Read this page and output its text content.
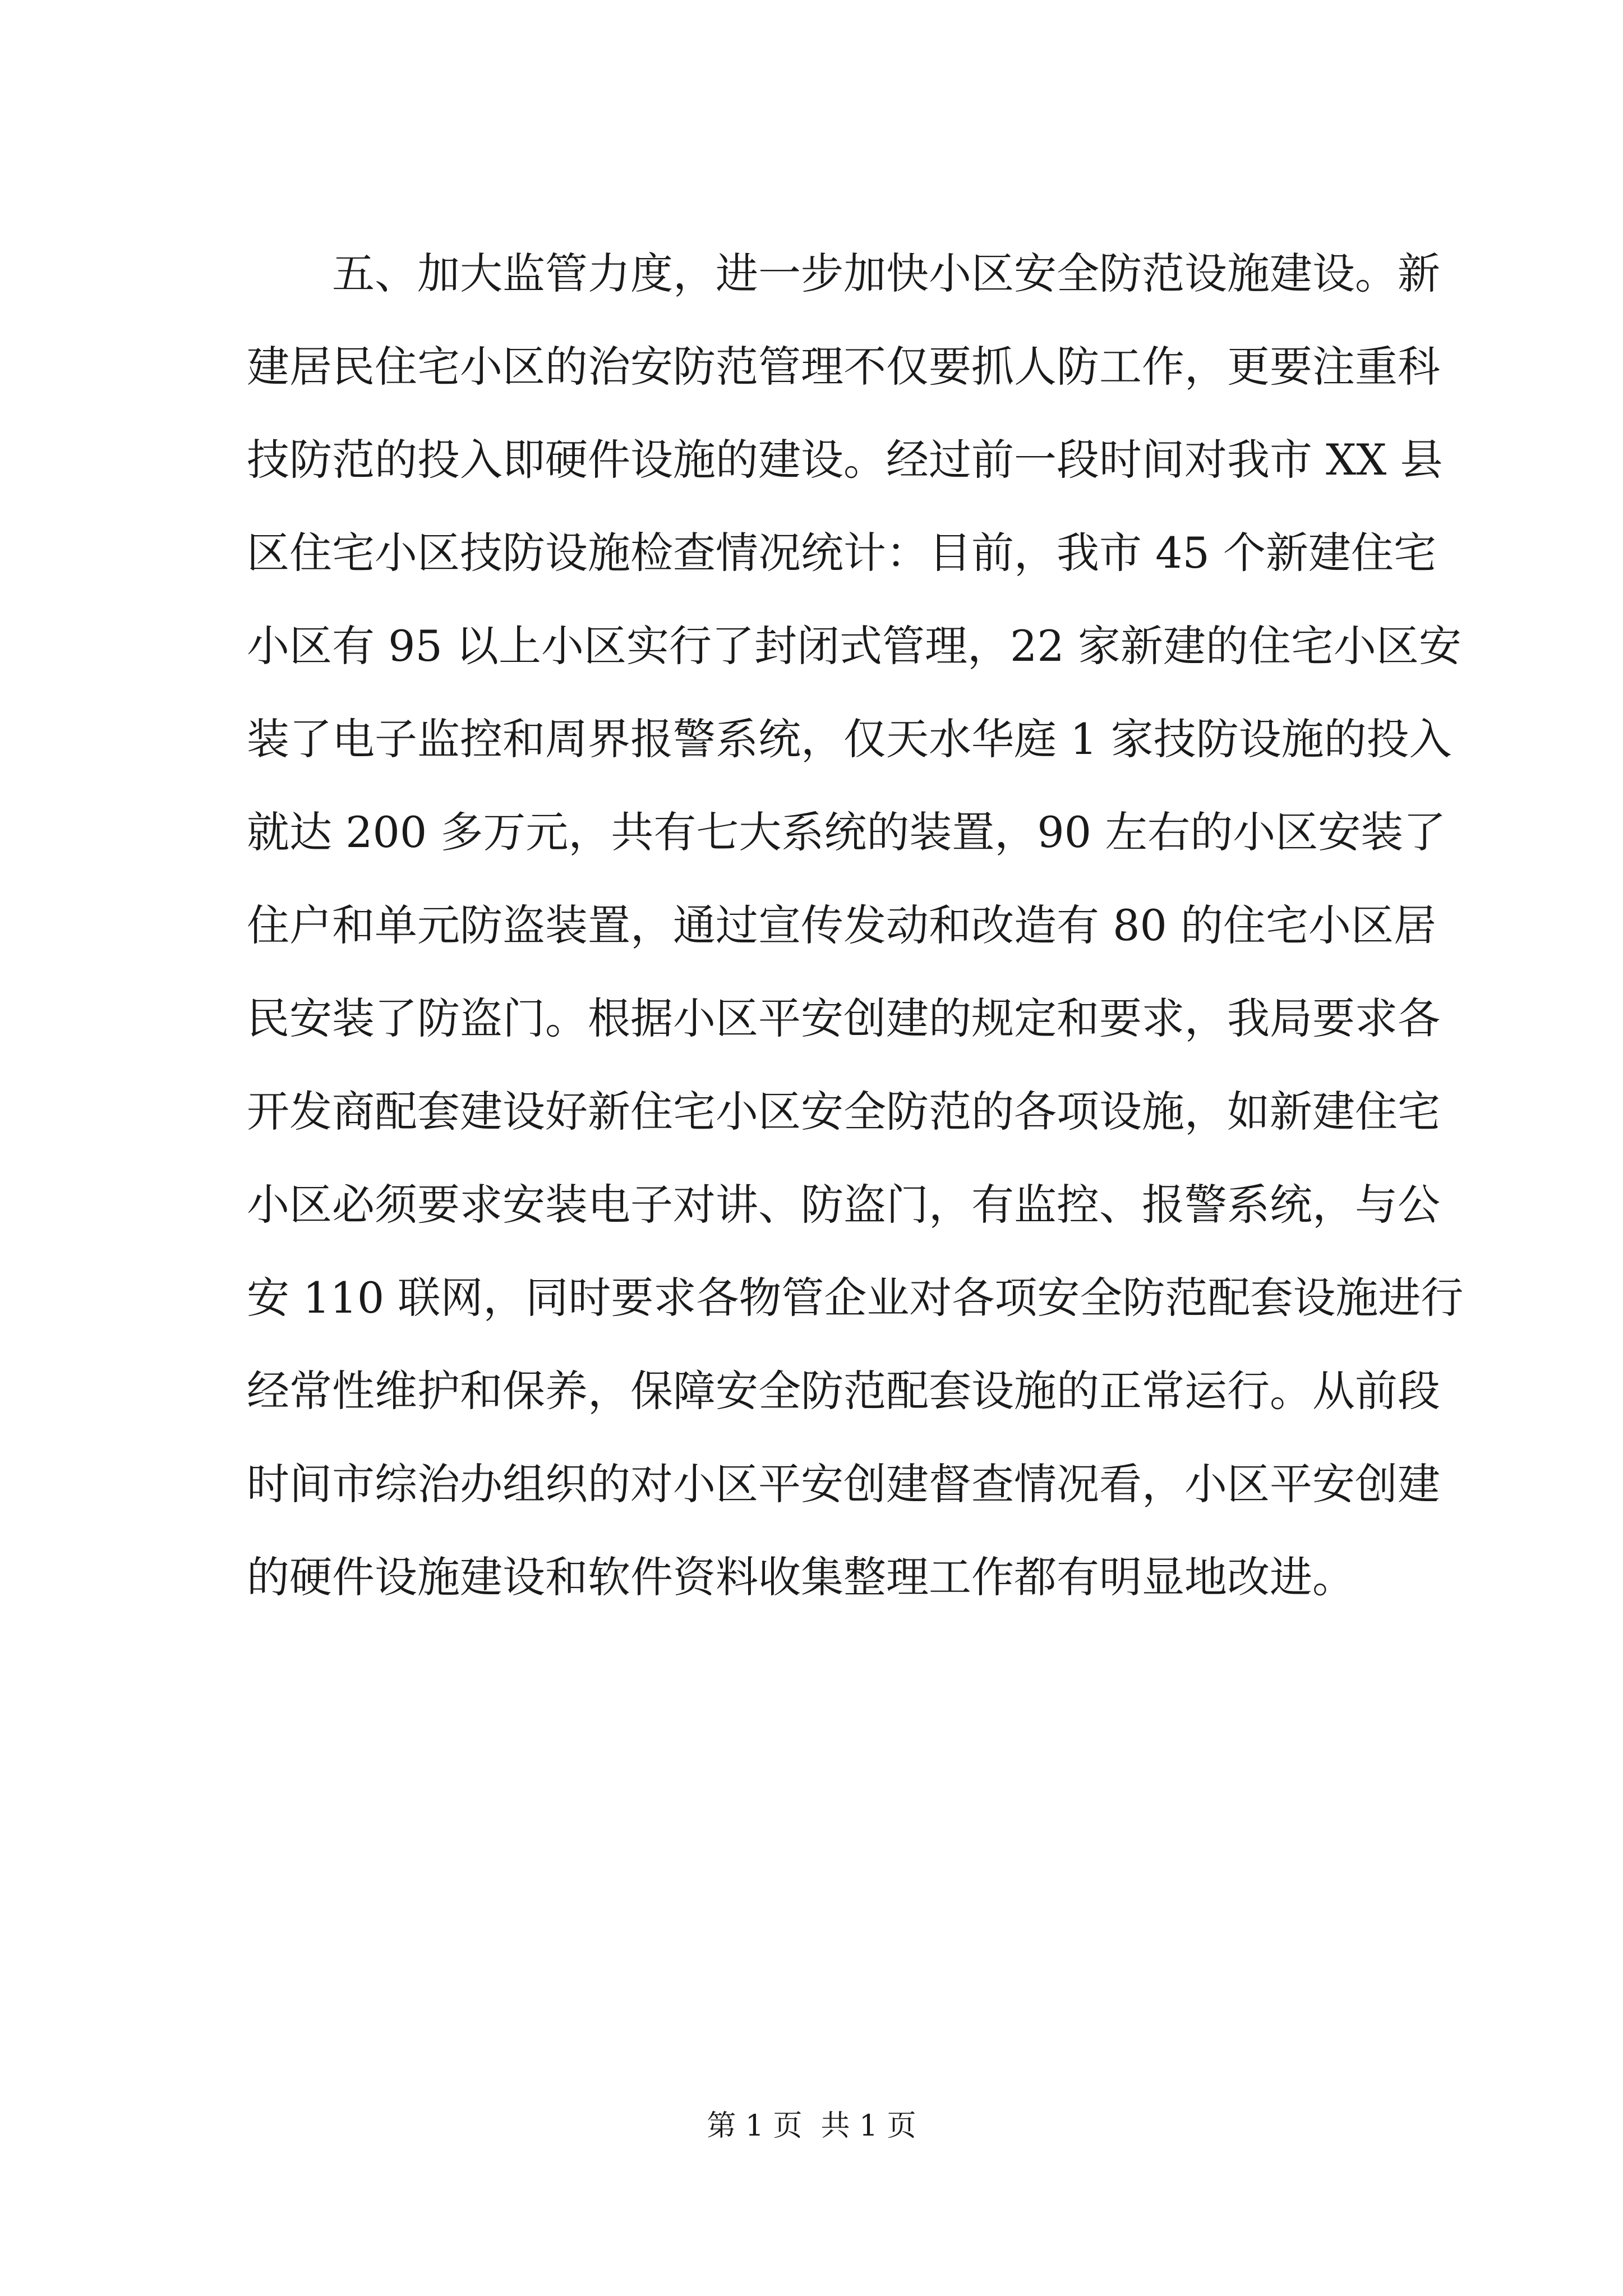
五、加大监管力度，进一步加快小区安全防范设施建设。新
建居民住宅小区的治安防范管理不仅要抓人防工作，更要注重科
技防范的投入即硬件设施的建设。经过前一段时间对我市 XX 县
区住宅小区技防设施检查情况统计：目前，我市 45 个新建住宅
小区有 95 以上小区实行了封闭式管理，22 家新建的住宅小区安
装了电子监控和周界报警系统，仅天水华庭 1 家技防设施的投入
就达 200 多万元，共有七大系统的装置，90 左右的小区安装了
住户和单元防盗装置，通过宣传发动和改造有 80 的住宅小区居
民安装了防盗门。根据小区平安创建的规定和要求，我局要求各
开发商配套建设好新住宅小区安全防范的各项设施，如新建住宅
小区必须要求安装电子对讲、防盗门，有监控、报警系统，与公
安 110 联网，同时要求各物管企业对各项安全防范配套设施进行
经常性维护和保养，保障安全防范配套设施的正常运行。从前段
时间市综治办组织的对小区平安创建督查情况看，小区平安创建
的硬件设施建设和软件资料收集整理工作都有明显地改进。
第 1 页  共 1 页
